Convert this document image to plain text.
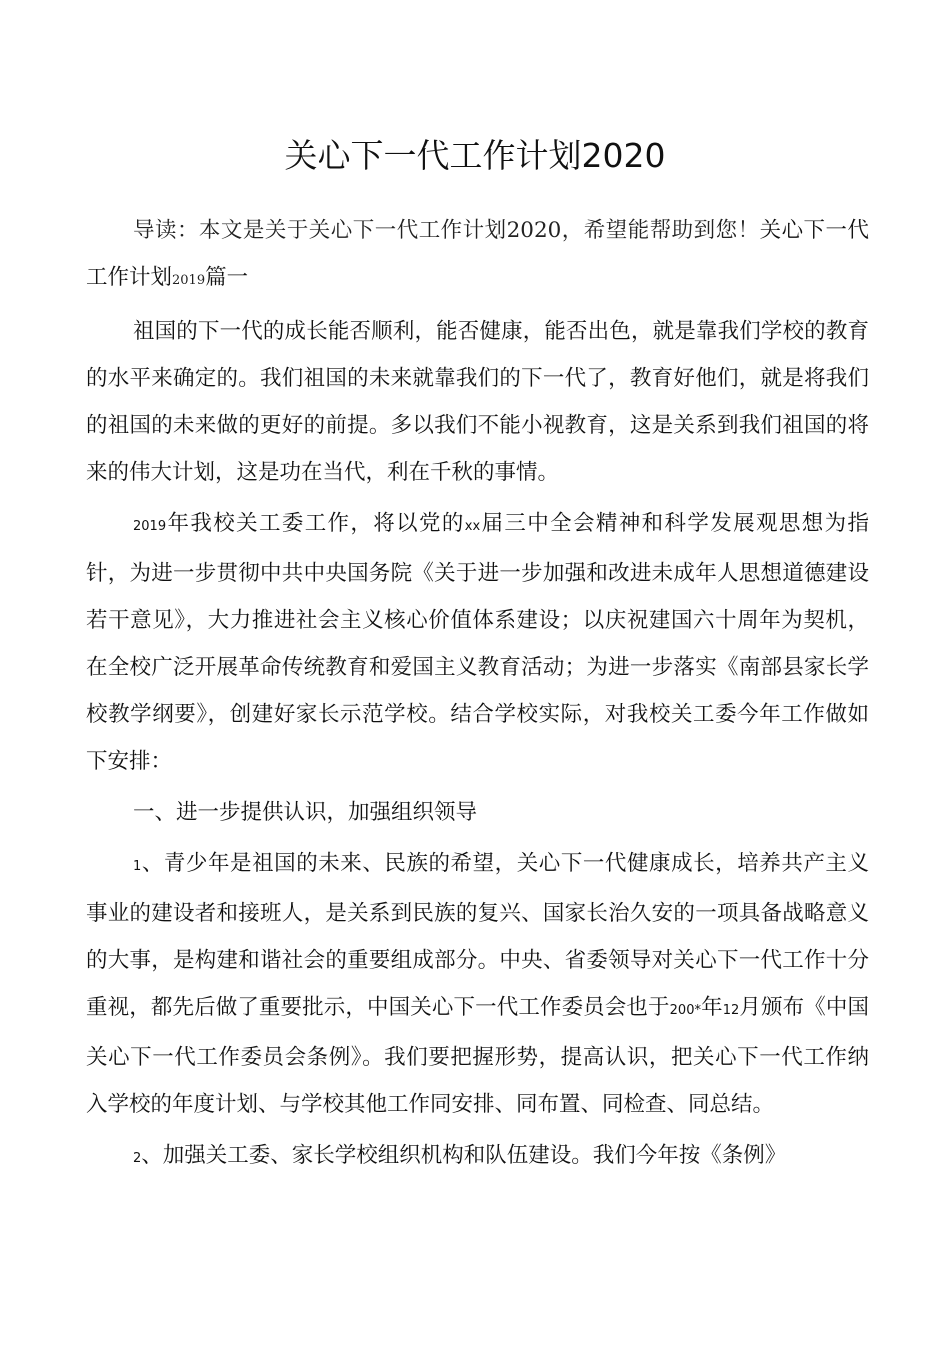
关心下一代工作计划2020

导读：本文是关于关心下一代工作计划2020，希望能帮助到您！关心下一代工作计划2019篇一

祖国的下一代的成长能否顺利，能否健康，能否出色，就是靠我们学校的教育的水平来确定的。我们祖国的未来就靠我们的下一代了，教育好他们，就是将我们的祖国的未来做的更好的前提。多以我们不能小视教育，这是关系到我们祖国的将来的伟大计划，这是功在当代，利在千秋的事情。

2019年我校关工委工作，将以党的xx届三中全会精神和科学发展观思想为指针，为进一步贯彻中共中央国务院《关于进一步加强和改进未成年人思想道德建设若干意见》，大力推进社会主义核心价值体系建设；以庆祝建国六十周年为契机，在全校广泛开展革命传统教育和爱国主义教育活动；为进一步落实《南部县家长学校教学纲要》，创建好家长示范学校。结合学校实际，对我校关工委今年工作做如下安排：

一、进一步提供认识，加强组织领导

1、青少年是祖国的未来、民族的希望，关心下一代健康成长，培养共产主义事业的建设者和接班人，是关系到民族的复兴、国家长治久安的一项具备战略意义的大事，是构建和谐社会的重要组成部分。中央、省委领导对关心下一代工作十分重视，都先后做了重要批示，中国关心下一代工作委员会也于200*年12月颁布《中国关心下一代工作委员会条例》。我们要把握形势，提高认识，把关心下一代工作纳入学校的年度计划、与学校其他工作同安排、同布置、同检查、同总结。

2、加强关工委、家长学校组织机构和队伍建设。我们今年按《条例》
